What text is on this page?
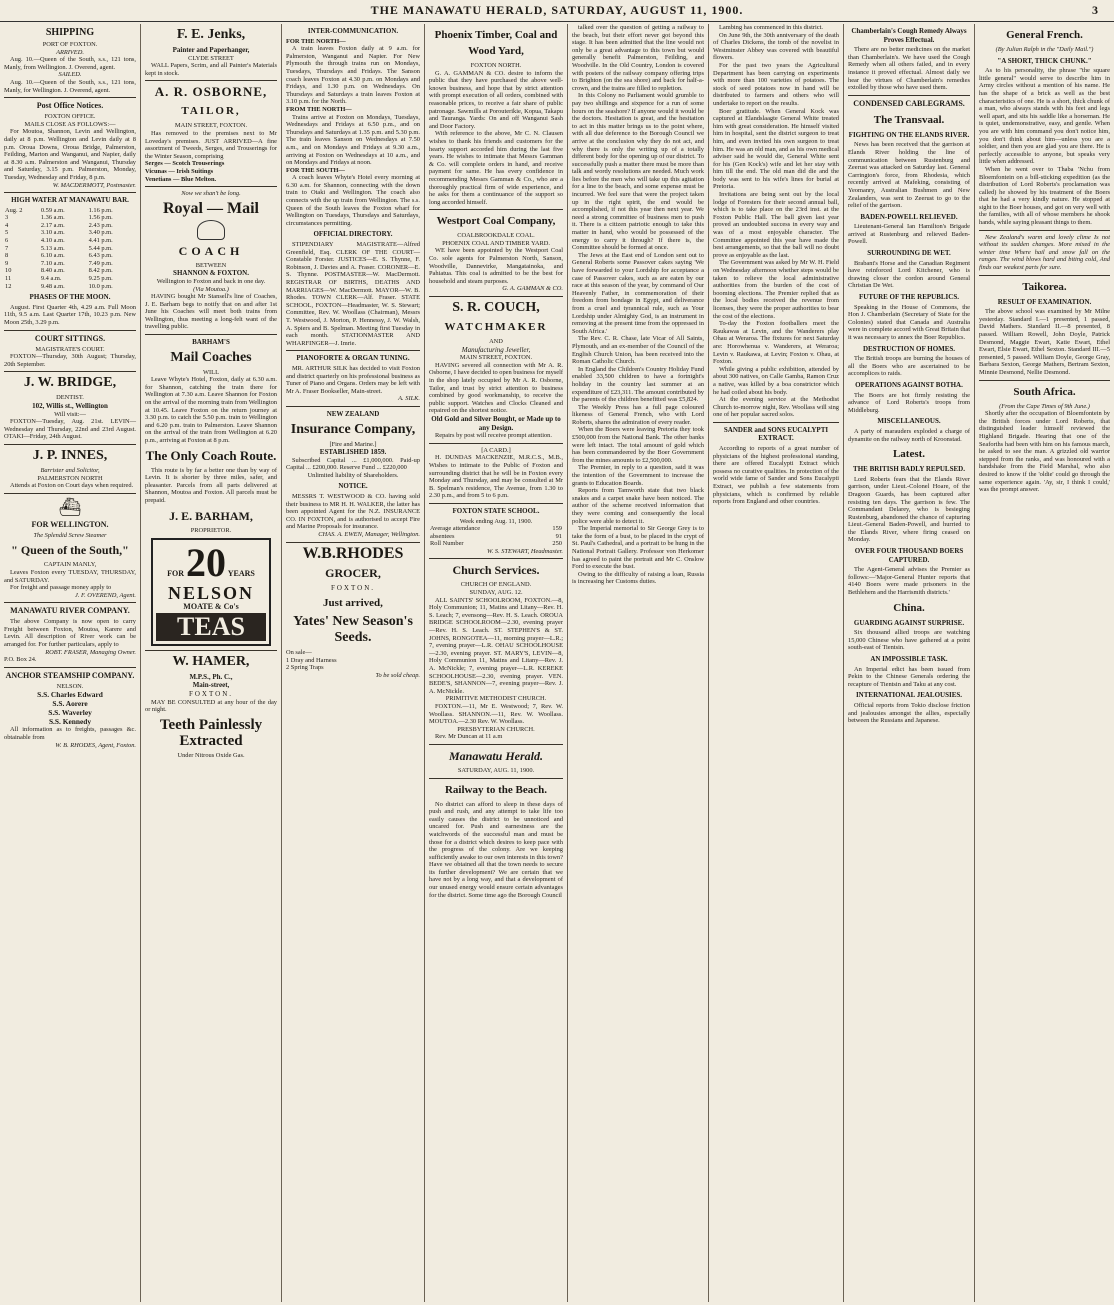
THE MANAWATU HERALD, SATURDAY, AUGUST 11, 1900.	3
SHIPPING
PORT OF FOXTON.
ARRIVED.

Aug. 10.—Queen of the South, s.s., 121 tons, Manly, from Wellington. J. Overend, agent.

SAILED.

Aug. 10.—Queen of the South, s.s., 121 tons, Manly, for Wellington. J. Overend, agent.

Post Office Notices.
FOXTON OFFICE.
MAILS CLOSE AS FOLLOWS:—

For Moutoa, Shannon, Levin and Wellington, daily at 8 p.m. Wellington and Levin daily at 8 p.m. Oroua Downs, Oroua Bridge, Palmerston, Feilding, Marton and Wanganui, and Napier, daily at 8.30 a.m. Palmerston and Wanganui, Thursday and Saturday, 3.15 p.m. Palmerston, Monday, Tuesday, Wednesday and Friday, 8 p.m.

W. MACDERMOTT, Postmaster.
HIGH WATER AT MANAWATU BAR.
Aug. 2	0.59 a.m.	1.16 p.m.
3	1.36 a.m.	1.56 p.m.
4	2.17 a.m.	2.43 p.m.
5	3.10 a.m.	3.40 p.m.
6	4.10 a.m.	4.41 p.m.
7	5.13 a.m.	5.44 p.m.
8	6.10 a.m.	6.43 p.m.
9	7.10 a.m.	7.49 p.m.
10	8.40 a.m.	8.42 p.m.
11	9.4 a.m.	9.25 p.m.
12	9.48 a.m.	10.0 p.m.
PHASES OF THE MOON.

August. First Quarter 4th, 4.29 a.m. Full Moon 11th, 9.5 a.m. Last Quarter 17th, 10.23 p.m. New Moon 25th, 3.29 p.m.

COURT SITTINGS.
MAGISTRATE'S COURT.

FOXTON—Thursday, 30th August; Thursday, 20th September.

J. W. BRIDGE,
DENTIST.
102, Willis st., Wellington
Will visit:—

FOXTON—Tuesday, Aug. 21st. LEVIN—Wednesday and Thursday, 22nd and 23rd August. OTAKI—Friday, 24th August.

J. P. INNES,
Barrister and Solicitor,
PALMERSTON NORTH

Attends at Foxton on Court days when required.

⛴
FOR WELLINGTON.
The Splendid Screw Steamer
" Queen of the South,"
CAPTAIN MANLY,

Leaves Foxton every TUESDAY, THURSDAY, and SATURDAY.

For freight and passage money apply to

J. F. OVEREND, Agent.
MANAWATU RIVER COMPANY.

The above Company is now open to carry Freight between Foxton, Moutoa, Karere and Levin. All description of River work can be arranged for. For further particulars, apply to

ROBT. FRASER, Managing Owner.
P.O. Box 24.
ANCHOR STEAMSHIP COMPANY.
NELSON.
S.S. Charles Edward
S.S. Aorere
S.S. Waverley
S.S. Kennedy

All information as to freights, passages &c. obtainable from

W. B. RHODES, Agent, Foxton.
F. E. Jenks,
Painter and Paperhanger,
CLYDE STREET

WALL Papers, Scrim, and all Painter's Materials kept in stock.

A. R. OSBORNE,
TAILOR,
MAIN STREET, FOXTON.

Has removed to the premises next to Mr Loveday's premises. JUST ARRIVED—A fine assortment of Tweeds, Serges, and Trouserings for the Winter Season, comprising

Serges — Scotch Trouserings
Vicunas — Irish Suitings
Venetians — Blue Melton.
Now we shan't be long.
Royal — Mail
COACH
BETWEEN
SHANNON & FOXTON.
Wellington to Foxton and back in one day.
(Via Moutoa.)

HAVING bought Mr Stansell's line of Coaches, J. E. Barham begs to notify that on and after 1st June his Coaches will meet both trains from Wellington, thus meeting a long-felt want of the travelling public.

BARHAM'S
Mail Coaches
WILL

Leave Whyte's Hotel, Foxton, daily at 6.30 a.m. for Shannon, catching the train there for Wellington at 7.30 a.m. Leave Shannon for Foxton on the arrival of the morning train from Wellington at 10.45. Leave Foxton on the return journey at 3.30 p.m. to catch the 5.50 p.m. train to Wellington and 6.20 p.m. train to Palmerston. Leave Shannon on the arrival of the train from Wellington at 6.20 p.m., arriving at Foxton at 8 p.m.

The Only Coach Route.

This route is by far a better one than by way of Levin. It is shorter by three miles, safer, and pleasanter. Parcels from all parts delivered at Shannon, Moutoa and Foxton. All parcels must be prepaid.

J. E. BARHAM,
PROPRIETOR.
FOR 20 YEARS
NELSON
MOATE & Co's
TEAS
W. HAMER,
M.P.S., Ph. C.,
Main-street,
FOXTON.

MAY BE CONSULTED at any hour of the day or night.

Teeth Painlessly Extracted
Under Nitrous Oxide Gas.
INTER-COMMUNICATION.
FOR THE NORTH—

A train leaves Foxton daily at 9 a.m. for Palmerston, Wanganui and Napier. For New Plymouth the through trains run on Mondays, Tuesdays, Thursdays and Fridays. The Sanson coach leaves Foxton at 4.30 p.m. on Mondays and Fridays, and 1.30 p.m. on Wednesdays. On Thursdays and Saturdays a train leaves Foxton at 3.10 p.m. for the North.

FROM THE NORTH—

Trains arrive at Foxton on Mondays, Tuesdays, Wednesdays and Fridays at 6.50 p.m., and on Thursdays and Saturdays at 1.35 p.m. and 5.30 p.m. The train leaves Sanson on Wednesdays at 7.50 a.m., and on Mondays and Fridays at 9.30 a.m., arriving at Foxton on Wednesdays at 10 a.m., and on Mondays and Fridays at noon.

FOR THE SOUTH—

A coach leaves Whyte's Hotel every morning at 6.30 a.m. for Shannon, connecting with the down train to Otaki and Wellington. The coach also connects with the up train from Wellington. The s.s. Queen of the South leaves the Foxton wharf for Wellington on Tuesdays, Thursdays and Saturdays, circumstances permitting.

OFFICIAL DIRECTORY.

STIPENDIARY MAGISTRATE—Alfred Greenfield, Esq. CLERK OF THE COURT—Constable Forster. JUSTICES—E. S. Thynne, F. Robinson, J. Davies and A. Fraser. CORONER—E. S. Thynne. POSTMASTER—W. MacDermott. REGISTRAR OF BIRTHS, DEATHS AND MARRIAGES—W. MacDermott. MAYOR—W. B. Rhodes. TOWN CLERK—Alf. Fraser. STATE SCHOOL, FOXTON—Headmaster, W. S. Stewart; Committee, Rev. W. Woollass (Chairman), Messrs T. Westwood, J. Morton, P. Hennessy, J. W. Walsh, A. Spiers and B. Spelman. Meeting first Tuesday in each month. STATIONMASTER AND WHARFINGER—J. Imrie.

PIANOFORTE & ORGAN TUNING.

MR. ARTHUR SILK has decided to visit Foxton and district quarterly on his professional business as Tuner of Piano and Organs. Orders may be left with Mr A. Fraser Bookseller, Main-street.

A. SILK.
NEW ZEALAND
Insurance Company,
[Fire and Marine.]
ESTABLISHED 1859.

Subscribed Capital ... £1,000,000. Paid-up Capital ... £200,000. Reserve Fund ... £220,000

Unlimited liability of Shareholders.
NOTICE.

MESSRS T. WESTWOOD & CO. having sold their business to MR H. H. WALKER, the latter has been appointed Agent for the N.Z. INSURANCE CO. IN FOXTON, and is authorised to accept Fire and Marine Proposals for insurance.

CHAS. A. EWEN, Manager, Wellington.
W.B.RHODES
GROCER,
FOXTON.
Just arrived,
Yates' New Season's Seeds.
On sale—
1 Dray and Harness
2 Spring Traps
To be sold cheap.
Phoenix Timber, Coal and Wood Yard,
FOXTON NORTH.

G. A. GAMMAN & CO. desire to inform the public that they have purchased the above well-known business, and hope that by strict attention with prompt execution of all orders, combined with reasonable prices, to receive a fair share of public patronage. Sawmills at Porouterikie, Kopua, Takapu and Tauranga. Yards: On and off Wanganui Sash and Door Factory.

With reference to the above, Mr C. N. Clausen wishes to thank his friends and customers for the hearty support accorded him during the last five years. He wishes to intimate that Messrs Gamman & Co. will complete orders in hand, and receive payment for same. He has every confidence in recommending Messrs Gamman & Co., who are a thoroughly practical firm of wide experience, and he asks for them a continuance of the support so long accorded himself.

Westport Coal Company,
COALBROOKDALE COAL.
PHOENIX COAL AND TIMBER YARD.

WE have been appointed by the Westport Coal Co. sole agents for Palmerston North, Sanson, Woodville, Dannevirke, Mangatainoka, and Pahiatua. This coal is admitted to be the best for household and steam purposes.

G. A. GAMMAN & CO.
S. R. COUCH,
WATCHMAKER
AND
Manufacturing Jeweller,
MAIN STREET, FOXTON.

HAVING severed all connection with Mr A. R. Osborne, I have decided to open business for myself in the shop lately occupied by Mr A. R. Osborne, Tailor, and trust by strict attention to business combined by good workmanship, to receive the public support. Watches and Clocks Cleaned and repaired on the shortest notice.

Old Gold and Silver Bought, or Made up to any Design.

Repairs by post will receive prompt attention.

[A CARD.]

H. DUNDAS MACKENZIE, M.R.C.S., M.B., Wishes to intimate to the Public of Foxton and surrounding district that he will be in Foxton every Monday and Thursday, and may be consulted at Mr B. Spelman's residence, The Avenue, from 1.30 to 2.30 p.m., and from 5 to 6 p.m.

FOXTON STATE SCHOOL.
Week ending Aug. 11, 1900.
Average attendance	159
absentees	91
Roll Number	250
W. S. STEWART, Headmaster.
Church Services.
CHURCH OF ENGLAND.
SUNDAY, AUG. 12.

ALL SAINTS' SCHOOLROOM, FOXTON.—8, Holy Communion; 11, Matins and Litany—Rev. H. S. Leach; 7, evensong—Rev. H. S. Leach. OROUA BRIDGE SCHOOLROOM—2.30, evening prayer—Rev. H. S. Leach. ST. STEPHEN'S & ST. JOHNS, RONGOTEA—11, morning prayer—L.R.; 7, evening prayer—L.R. OHAU SCHOOLHOUSE—2.30, evening prayer. ST. MARY'S, LEVIN—8, Holy Communion 11, Matins and Litany—Rev. J. A. McNickle; 7, evening prayer—L.R. KEREKE SCHOOLHOUSE—2.30, evening prayer. VEN. BEDE'S, SHANNON—7, evening prayer—Rev. J. A. McNickle.

PRIMITIVE METHODIST CHURCH.

FOXTON.—11, Mr E. Westwood; 7, Rev. W. Woollass. SHANNON.—11, Rev. W. Woollass. MOUTOA.—2.30 Rev. W. Woollass.

PRESBYTERIAN CHURCH.

Rev. Mr Duncan at 11 a.m

Manawatu Herald.
SATURDAY, AUG. 11, 1900.
Railway to the Beach.

No district can afford to sleep in these days of push and rush, and any attempt to take life too easily causes the district to be unnoticed and uncared for. Push and earnestness are the watchwords of the successful man and must be those for a district which desires to keep pace with the progress of the colony. Are we keeping sufficiently awake to our own interests in this town? Have we obtained all that the town needs to secure its further development? We are certain that we have not by a long way, and that a development of our unused energy would ensure certain advantages for the district. Some time ago the Borough Council

talked over the question of getting a railway to the beach, but their effort never got beyond this stage. It has been admitted that the line would not only be a great advantage to this town but would generally benefit Palmerston, Feilding, and Woodville. In the Old Country, London is covered with posters of the railway company offering trips to Brighton (on the sea shore) and back for half-a-crown, and the trains are filled to repletion.

In this Colony no Parliament would grumble to pay two shillings and sixpence for a run of some hours on the seashore? If anyone would it would be the doctors. Hesitation is great, and the hesitation to act in this matter brings us to the point where, with all due deference to the Borough Council we arrive at the conclusion why they do not act, and why there is only the writing up of a totally different body for the opening up of our district. To successfully push a matter there must be more than talk and wordy resolutions are needed. Much work lies before the men who will take up this agitation for a line to the beach, and some expense must be incurred. We feel sure that were the project taken up in the right spirit, the end would be accomplished, if not this year then next year. We need a strong committee of business men to push it. There is a citizen patriotic enough to take this matter in hand, who would be possessed of the energy to carry it through? If there is, the Committee should be formed at once.

The Jews at the East end of London sent out to General Roberts some Passover cakes saying 'We have forwarded to your Lordship for acceptance a case of Passover cakes, such as are eaten by our race at this season of the year, by command of Our Heavenly Father, in commemoration of their freedom from bondage in Egypt, and deliverance from a cruel and tyrannical rule, such as Your Lordship under Almighty God, is an instrument in removing at the present time from the oppressed in South Africa.'

The Rev. C. R. Chase, late Vicar of All Saints, Plymouth, and an ex-member of the Council of the English Church Union, has been received into the Roman Catholic Church.

In England the Children's Country Holiday Fund enabled 33,500 children to have a fortnight's holiday in the country last summer at an expenditure of £23,311. The amount contributed by the parents of the children benefitted was £5,824.

The Weekly Press has a full page coloured likeness of General French, who with Lord Roberts, shares the admiration of every reader.

When the Boers were leaving Pretoria they took £500,000 from the National Bank. The other banks were left intact. The total amount of gold which has been commandeered by the Boer Government from the mines amounts to £2,500,000.

The Premier, in reply to a question, said it was the intention of the Government to increase the grants to Education Boards.

Reports from Tamworth state that two black snakes and a carpet snake have been noticed. The author of the scheme received information that they were coming and consequently the local police were able to detect it.

The Imperial memorial to Sir George Grey is to take the form of a bust, to be placed in the crypt of St. Paul's Cathedral, and a portrait to be hung in the National Portrait Gallery. Professor von Herkomer has agreed to paint the portrait and Mr C. Onslow Ford to execute the bust.

Owing to the difficulty of raising a loan, Russia is increasing her Customs duties.

Lambing has commenced in this district.

On June 9th, the 30th anniversary of the death of Charles Dickens, the tomb of the novelist in Westminster Abbey was covered with beautiful flowers.

For the past two years the Agricultural Department has been carrying on experiments with more than 100 varieties of potatoes. The stock of seed potatoes now in hand will be distributed to farmers and others who will undertake to report on the results.

Boer gratitude. When General Kock was captured at Elandslaagte General White treated him with great consideration. He himself visited him in hospital, sent the district surgeon to treat him, and even invited his own surgeon to treat him. He was an old man, and as his own medical adviser said he would die, General White sent for his (Gen Kock's) wife and let her stay with him till the end. The old man did die and the body was sent to his wife's lines for burial at Pretoria.

Invitations are being sent out by the local lodge of Foresters for their second annual ball, which is to take place on the 23rd inst. at the Foxton Public Hall. The ball given last year proved an undoubted success in every way and was of a most enjoyable character. The Committee appointed this year have made the best arrangements, so that the ball will no doubt prove as enjoyable as the last.

The Government was asked by Mr W. H. Field on Wednesday afternoon whether steps would be taken to relieve the local administrative authorities from the burden of the cost of booming elections. The Premier replied that as the local bodies received the revenue from licenses, they were the proper authorities to bear the cost of the elections.

To-day the Foxton footballers meet the Raukawas at Levin, and the Wanderers play Ohau at Weraroa. The fixtures for next Saturday are: Horowhenua v. Wanderers, at Weraroa; Levin v. Raukawa, at Levin; Foxton v. Ohau, at Foxton.

While giving a public exhibition, attended by about 300 natives, on Calle Gamba, Ramon Cruz a native, was killed by a boa constrictor which he had coiled about his body.

At the evening service at the Methodist Church to-morrow night, Rev. Woollass will sing one of her popular sacred solos.

SANDER and SONS EUCALYPTI EXTRACT.

According to reports of a great number of physicians of the highest professional standing, there are offered Eucalypti Extract which possess no curative qualities. In protection of the world wide fame of Sander and Sons Eucalypti Extract, we publish a few statements from physicians, which is confirmed by reliable reports from England and other countries.

Chamberlain's Cough Remedy Always Proves Effectual.

There are no better medicines on the market than Chamberlain's. We have used the Cough Remedy when all others failed, and in every instance it proved effectual. Almost daily we hear the virtues of Chamberlain's remedies extolled by those who have used them.

CONDENSED CABLEGRAMS.
The Transvaal.
FIGHTING ON THE ELANDS RIVER.

News has been received that the garrison at Elands River holding the line of communication between Rustenburg and Zeerust was attacked on Saturday last. General Carrington's force, from Rhodesia, which recently arrived at Mafeking, consisting of Yeomanry, Australian Bushmen and New Zealanders, was sent to Zeerust to go to the relief of the garrison.

BADEN-POWELL RELIEVED.

Lieutenant-General Ian Hamilton's Brigade arrived at Rustenburg and relieved Baden-Powell.

SURROUNDING DE WET.

Brabant's Horse and the Canadian Regiment have reinforced Lord Kitchener, who is drawing closer the cordon around General Christian De Wet.

FUTURE OF THE REPUBLICS.

Speaking in the House of Commons, the Hon J. Chamberlain (Secretary of State for the Colonies) stated that Canada and Australia were in complete accord with Great Britain that it was necessary to annex the Boer Republics.

DESTRUCTION OF HOMES.

The British troops are burning the houses of all the Boers who are ascertained to be accomplices to raids.

OPERATIONS AGAINST BOTHA.

The Boers are hot firmly resisting the advance of Lord Roberts's troops from Middleburg.

MISCELLANEOUS.

A party of marauders exploded a charge of dynamite on the railway north of Kroonstad.

Latest.
THE BRITISH BADLY REPULSED.

Lord Roberts fears that the Elands River garrison, under Lieut.-Colonel Hoare, of the Dragoon Guards, has been captured after resisting ten days. The garrison is few. The Commandant Delarey, who is besieging Rustenburg, abandoned the chance of capturing Lieut.-General Baden-Powell, and hurried to the Elands River, where firing ceased on Monday.

OVER FOUR THOUSAND BOERS CAPTURED.

The Agent-General advises the Premier as follows:—'Major-General Hunter reports that 4140 Boers were made prisoners in the Bethlehem and the Harrismith districts.'

China.
GUARDING AGAINST SURPRISE.

Six thousand allied troops are watching 15,000 Chinese who have gathered at a point south-east of Tientsin.

AN IMPOSSIBLE TASK.

An Imperial edict has been issued from Pekin to the Chinese Generals ordering the recapture of Tientsin and Taku at any cost.

INTERNATIONAL JEALOUSIES.

Official reports from Tokio disclose friction and jealousies amongst the allies, especially between the Russians and Japanese.

General French.
(By Julian Ralph in the "Daily Mail.")
"A SHORT, THICK CHUNK."

As to his personality, the phrase "the square little general" would serve to describe him in Army circles without a mention of his name. He has the shape of a brick as well as the best characteristics of one. He is a short, thick chunk of a man, who always stands with his feet and legs well apart, and sits his saddle like a horseman. He is quiet, undemonstrative, easy, and gentle. When you are with him command you don't notice him, you don't think about him—unless you are a soldier, and then you are glad you are there. He is perfectly accessible to anyone, but speaks very little when addressed.

When he went over to Thaba 'Nchu from Bloemfontein on a bill-sticking expedition (as the distribution of Lord Roberts's proclamation was called) he showed by his treatment of the Boers that he had a very kindly nature. He stopped at sight to the Boer houses, and got on very well with the families, with all of whose members he shook hands, while saying pleasant things to them.

New Zealand's warm and lovely clime Is not without its sudden changes. More mixed in the winter time Where hail and snow fall on the ranges. The wind blows hard and biting cold, And finds our weakest parts for sure.

Taikorea.
RESULT OF EXAMINATION.

The above school was examined by Mr Milne yesterday. Standard I.—1 presented, 1 passed, David Mathers. Standard II.—8 presented, 8 passed. William Rowell, John Doyle, Patrick Desmond, Maggie Ewart, Katie Ewart, Ethel Ewart, Elsie Ewart, Ethel Sexton. Standard III.—5 presented, 5 passed. William Doyle, George Gray, Barbara Sexton, George Mathers, Bertram Sexton, Minnie Desmond, Nellie Desmond.

South Africa.
(From the Cape Times of 9th June.)

Shortly after the occupation of Bloemfontein by the British forces under Lord Roberts, that distinguished leader himself reviewed the Highland Brigade. Hearing that one of the Seaforths had been with him on his famous march, he asked to see the man. A grizzled old warrior stepped from the ranks, and was honoured with a handshake from the Field Marshal, who also desired to know if the 'oldie' could go through the same experience again. 'Ay, sir, I think I could,' was the prompt answer.
